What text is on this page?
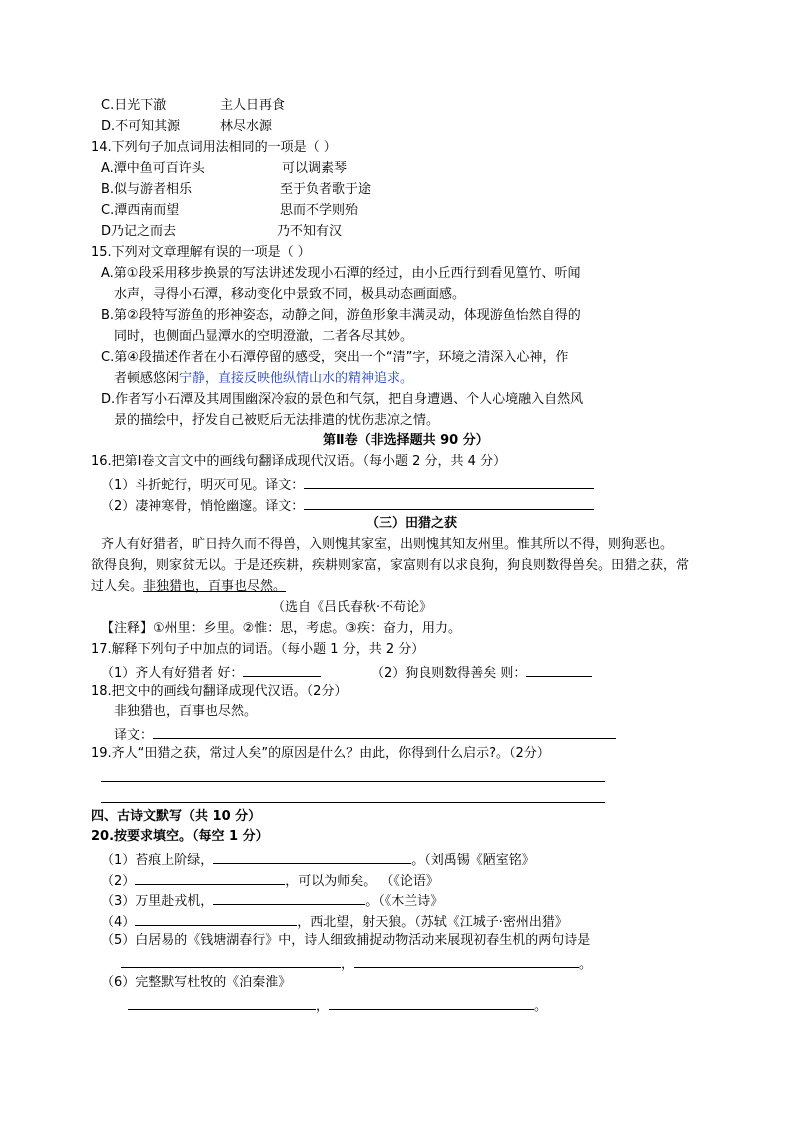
C.日光下澈	主人日再食
D.不可知其源	林尽水源
14.下列句子加点词用法相同的一项是（ ）
A.潭中鱼可百许头	可以调素琴
B.似与游者相乐	至于负者歌于途
C.潭西南而望	思而不学则殆
D乃记之而去	乃不知有汉
15.下列对文章理解有误的一项是（ ）
A.第①段采用移步换景的写法讲述发现小石潭的经过，由小丘西行到看见篁竹、听闻
水声，寻得小石潭，移动变化中景致不同，极具动态画面感。
B.第②段特写游鱼的形神姿态，动静之间，游鱼形象丰满灵动，体现游鱼怡然自得的
同时，也侧面凸显潭水的空明澄澈，二者各尽其妙。
C.第④段描述作者在小石潭停留的感受，突出一个“清”字，环境之清深入心神，作
者顿感悠闲宁静，直接反映他纵情山水的精神追求。
D.作者写小石潭及其周围幽深冷寂的景色和气氛，把自身遭遇、个人心境融入自然风
景的描绘中，抒发自己被贬后无法排遣的忧伤悲凉之情。
第Ⅱ卷（非选择题共 90 分）
16.把第Ⅰ卷文言文中的画线句翻译成现代汉语。（每小题 2 分，共 4 分）
（1）斗折蛇行，明灭可见。译文：
（2）凄神寒骨，悄怆幽邃。译文：
（三）田猎之获
齐人有好猎者，旷日持久而不得兽，入则愧其家室，出则愧其知友州里。惟其所以不得，则狗恶也。
欲得良狗，则家贫无以。于是还疾耕，疾耕则家富，家富则有以求良狗，狗良则数得兽矣。田猎之获，常
过人矣。非独猎也，百事也尽然。
（选自《吕氏春秋·不苟论》
【注释】①州里：乡里。②惟：思，考虑。③疾：奋力，用力。
17.解释下列句子中加点的词语。（每小题 1 分，共 2 分）
（1）齐人有好猎者 好：	（2）狗良则数得善矣 则：
18.把文中的画线句翻译成现代汉语。（2分）
非独猎也，百事也尽然。
译文：
19.齐人“田猎之获，常过人矣”的原因是什么？由此，你得到什么启示?。（2分）
四、古诗文默写（共 10 分）
20.按要求填空。（每空 1 分）
（1）苔痕上阶绿，	。（刘禹锡《陋室铭》
（2）	，可以为师矣。 （《论语》
（3）万里赴戎机，	。（《木兰诗》
（4）	，西北望，射天狼。（苏轼《江城子·密州出猎》
（5）白居易的《钱塘湖春行》中，诗人细致捕捉动物活动来展现初春生机的两句诗是
，	。
（6）完整默写杜牧的《泊秦淮》
，	。
